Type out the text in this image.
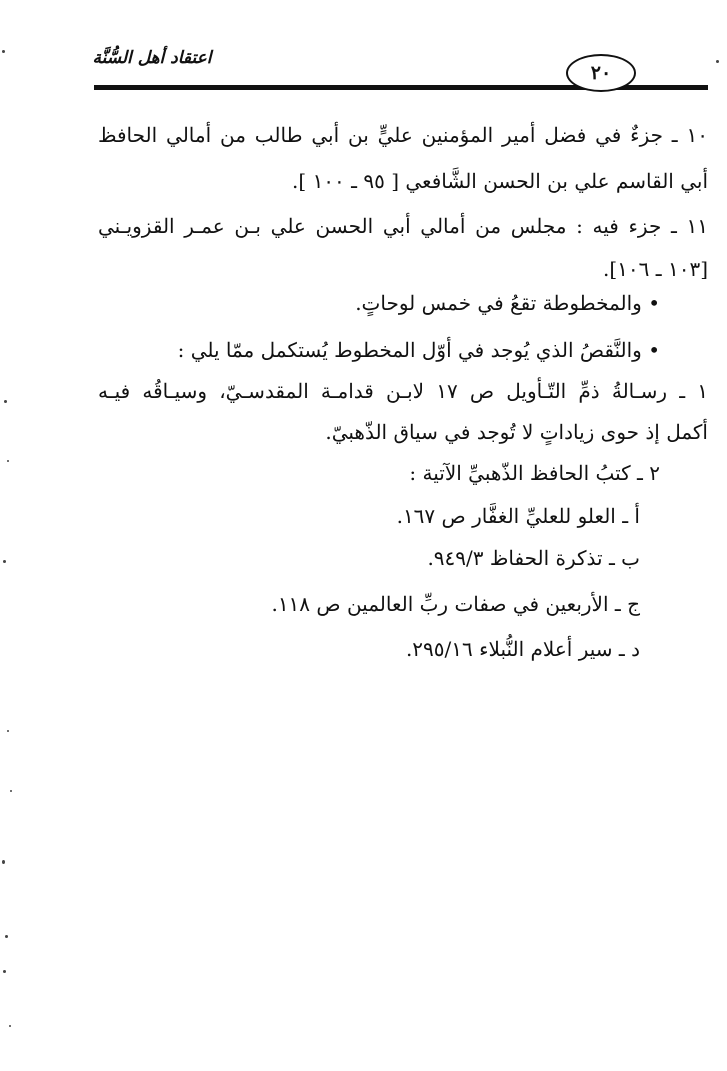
اعتقاد أهل السُّنَّة
٢٠
١٠ ـ جزءٌ في فضل أمير المؤمنين عليٍّ بن أبي طالب من أمالي الحافظ
أبي القاسم علي بن الحسن الشَّافعي [ ٩٥ ـ ١٠٠ ].
١١ ـ جزء فيه : مجلس من أمالي أبي الحسن علي بـن عمـر القزويـني
[١٠٣ ـ ١٠٦].
• والمخطوطة تقعُ في خمس لوحاتٍ.
• والنَّقصُ الذي يُوجد في أوّل المخطوط يُستكمل ممّا يلي :
١ ـ رسـالةُ ذمِّ التّـأويل ص ١٧ لابـن قدامـة المقدسـيّ، وسيـاقُه فيـه
أكمل إذ حوى زياداتٍ لا تُوجد في سياق الذّهبيّ.
٢ ـ كتبُ الحافظ الذّهبيِّ الآتية :
أ ـ العلو للعليِّ الغفَّار ص ١٦٧.
ب ـ تذكرة الحفاظ ٩٤٩/٣.
ج ـ الأربعين في صفات ربِّ العالمين ص ١١٨.
د ـ سير أعلام النُّبلاء ٢٩٥/١٦.
